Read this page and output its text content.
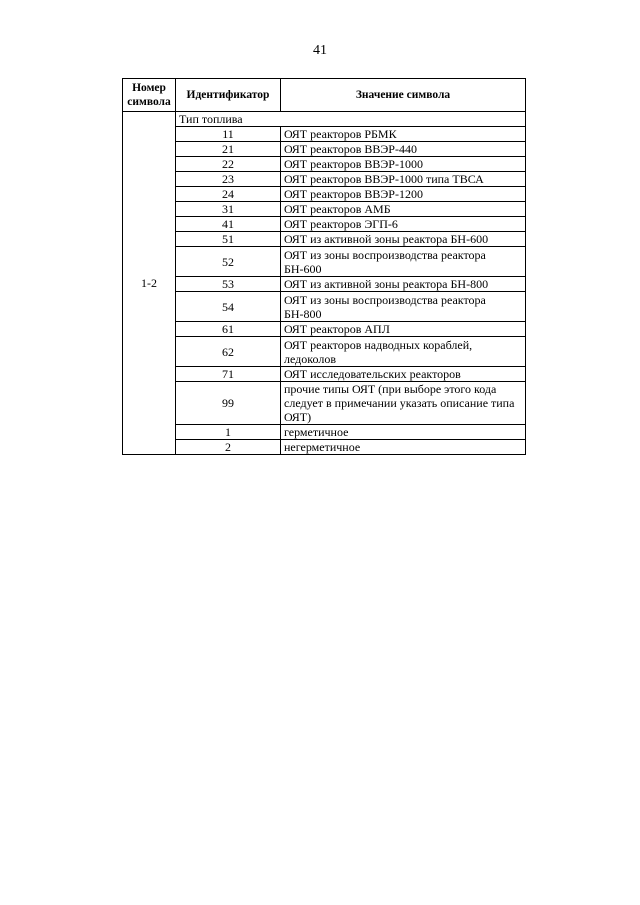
41
Номер символа	Идентификатор	Значение символа
1-2	Тип топлива	
	11	ОЯТ реакторов РБМК
	21	ОЯТ реакторов ВВЭР-440
	22	ОЯТ реакторов ВВЭР-1000
	23	ОЯТ реакторов ВВЭР-1000 типа ТВСА
	24	ОЯТ реакторов ВВЭР-1200
	31	ОЯТ реакторов АМБ
	41	ОЯТ реакторов ЭГП-6
	51	ОЯТ из активной зоны реактора БН-600
	52	ОЯТ из зоны воспроизводства реактора БН-600
	53	ОЯТ из активной зоны реактора БН-800
	54	ОЯТ из зоны воспроизводства реактора БН-800
	61	ОЯТ реакторов АПЛ
	62	ОЯТ реакторов надводных кораблей, ледоколов
	71	ОЯТ исследовательских реакторов
	99	прочие типы ОЯТ (при выборе этого кода следует в примечании указать описание типа ОЯТ)
	1	герметичное
	2	негерметичное
